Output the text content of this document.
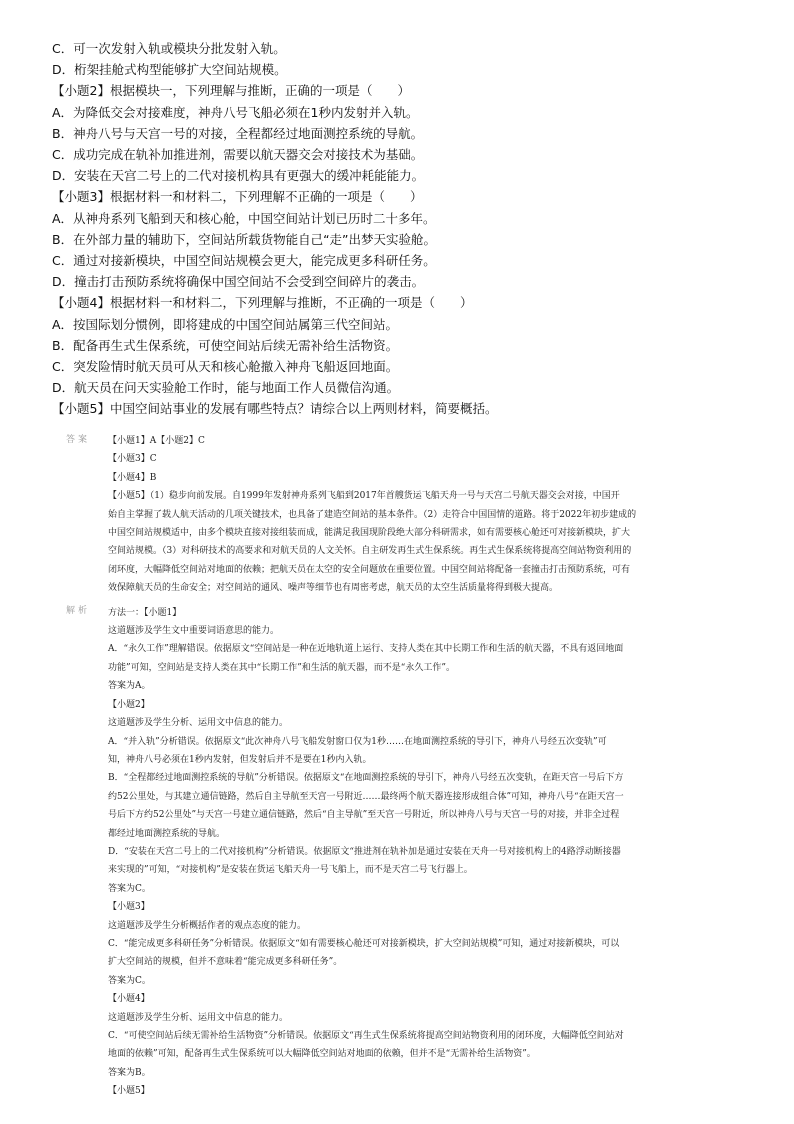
C．可一次发射入轨或模块分批发射入轨。
D．桁架挂舱式构型能够扩大空间站规模。
【小题2】根据模块一，下列理解与推断，正确的一项是（　　）
A．为降低交会对接难度，神舟八号飞船必须在1秒内发射并入轨。
B．神舟八号与天宫一号的对接，全程都经过地面测控系统的导航。
C．成功完成在轨补加推进剂，需要以航天器交会对接技术为基础。
D．安装在天宫二号上的二代对接机构具有更强大的缓冲耗能能力。
【小题3】根据材料一和材料二，下列理解不正确的一项是（　　）
A．从神舟系列飞船到天和核心舱，中国空间站计划已历时二十多年。
B．在外部力量的辅助下，空间站所载货物能自己“走”出梦天实验舱。
C．通过对接新模块，中国空间站规模会更大，能完成更多科研任务。
D．撞击打击预防系统将确保中国空间站不会受到空间碎片的袭击。
【小题4】根据材料一和材料二，下列理解与推断，不正确的一项是（　　）
A．按国际划分惯例，即将建成的中国空间站属第三代空间站。
B．配备再生式生保系统，可使空间站后续无需补给生活物资。
C．突发险情时航天员可从天和核心舱撤入神舟飞船返回地面。
D．航天员在问天实验舱工作时，能与地面工作人员微信沟通。
【小题5】中国空间站事业的发展有哪些特点？请综合以上两则材料，简要概括。
答案
解析
【小题1】A【小题2】C
【小题3】C
【小题4】B
【小题5】（1）稳步向前发展。自1999年发射神舟系列飞船到2017年首艘货运飞船天舟一号与天宫二号航天器交会对接，中国开
始自主掌握了载人航天活动的几项关键技术，也具备了建造空间站的基本条件。（2）走符合中国国情的道路。将于2022年初步建成的
中国空间站规模适中，由多个模块直接对接组装而成，能满足我国现阶段绝大部分科研需求，如有需要核心舱还可对接新模块，扩大
空间站规模。（3）对科研技术的高要求和对航天员的人文关怀。自主研发再生式生保系统。再生式生保系统将提高空间站物资利用的
闭环度，大幅降低空间站对地面的依赖；把航天员在太空的安全问题放在重要位置。中国空间站将配备一套撞击打击预防系统，可有
效保障航天员的生命安全；对空间站的通风、噪声等细节也有周密考虑，航天员的太空生活质量将得到极大提高。
方法一：【小题1】
这道题涉及学生文中重要词语意思的能力。
A．“永久工作”理解错误。依据原文“空间站是一种在近地轨道上运行、支持人类在其中长期工作和生活的航天器，不具有返回地面
功能”可知，空间站是支持人类在其中“长期工作”和生活的航天器，而不是“永久工作”。
答案为A。
【小题2】
这道题涉及学生分析、运用文中信息的能力。
A．“并入轨”分析错误。依据原文“此次神舟八号飞船发射窗口仅为1秒……在地面测控系统的导引下，神舟八号经五次变轨”可
知，神舟八号必须在1秒内发射，但发射后并不是要在1秒内入轨。
B．“全程都经过地面测控系统的导航”分析错误。依据原文“在地面测控系统的导引下，神舟八号经五次变轨，在距天宫一号后下方
约52公里处，与其建立通信链路，然后自主导航至天宫一号附近……最终两个航天器连接形成组合体”可知，神舟八号“在距天宫一
号后下方约52公里处”与天宫一号建立通信链路，然后“自主导航”至天宫一号附近，所以神舟八号与天宫一号的对接，并非全过程
都经过地面测控系统的导航。
D．“安装在天宫二号上的二代对接机构”分析错误。依据原文“推进剂在轨补加是通过安装在天舟一号对接机构上的4路浮动断接器
来实现的”可知，“对接机构”是安装在货运飞船天舟一号飞船上，而不是天宫二号飞行器上。
答案为C。
【小题3】
这道题涉及学生分析概括作者的观点态度的能力。
C．“能完成更多科研任务”分析错误。依据原文“如有需要核心舱还可对接新模块，扩大空间站规模”可知，通过对接新模块，可以
扩大空间站的规模，但并不意味着“能完成更多科研任务”。
答案为C。
【小题4】
这道题涉及学生分析、运用文中信息的能力。
C．“可使空间站后续无需补给生活物资”分析错误。依据原文“再生式生保系统将提高空间站物资利用的闭环度，大幅降低空间站对
地面的依赖”可知，配备再生式生保系统可以大幅降低空间站对地面的依赖，但并不是“无需补给生活物资”。
答案为B。
【小题5】
